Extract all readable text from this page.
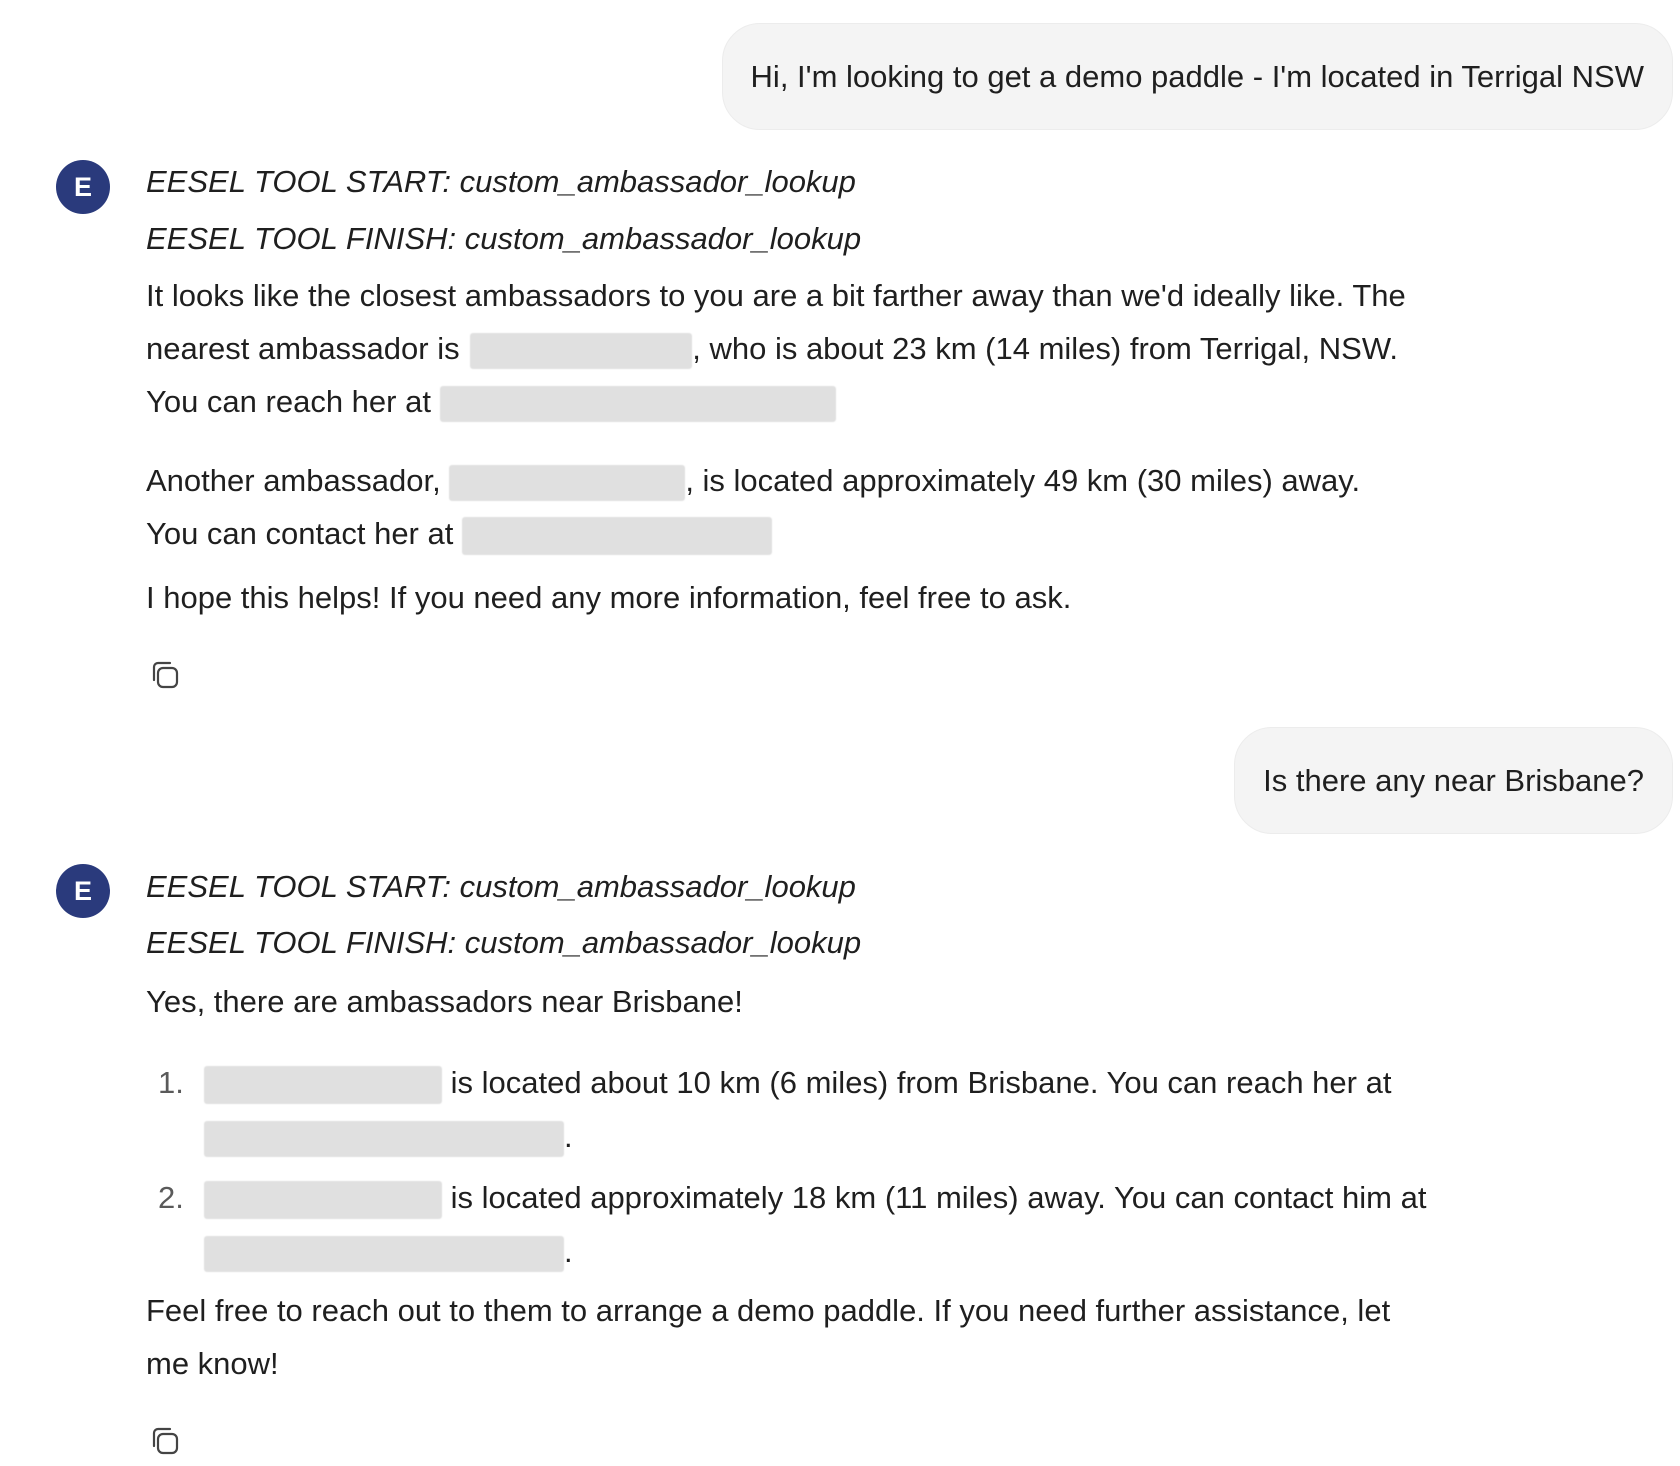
Hi, I'm looking to get a demo paddle - I'm located in Terrigal NSW
E	EESEL TOOL START: custom_ambassador_lookup
EESEL TOOL FINISH: custom_ambassador_lookup
It looks like the closest ambassadors to you are a bit farther away than we'd ideally like. The
nearest ambassador is	, who is about 23 km (14 miles) from Terrigal, NSW.
You can reach her at
Another ambassador,	, is located approximately 49 km (30 miles) away.
You can contact her at
I hope this helps! If you need any more information, feel free to ask.
Is there any near Brisbane?
E	EESEL TOOL START: custom_ambassador_lookup
EESEL TOOL FINISH: custom_ambassador_lookup
Yes, there are ambassadors near Brisbane!
1.	is located about 10 km (6 miles) from Brisbane. You can reach her at
.
2.	is located approximately 18 km (11 miles) away. You can contact him at
.
Feel free to reach out to them to arrange a demo paddle. If you need further assistance, let
me know!
